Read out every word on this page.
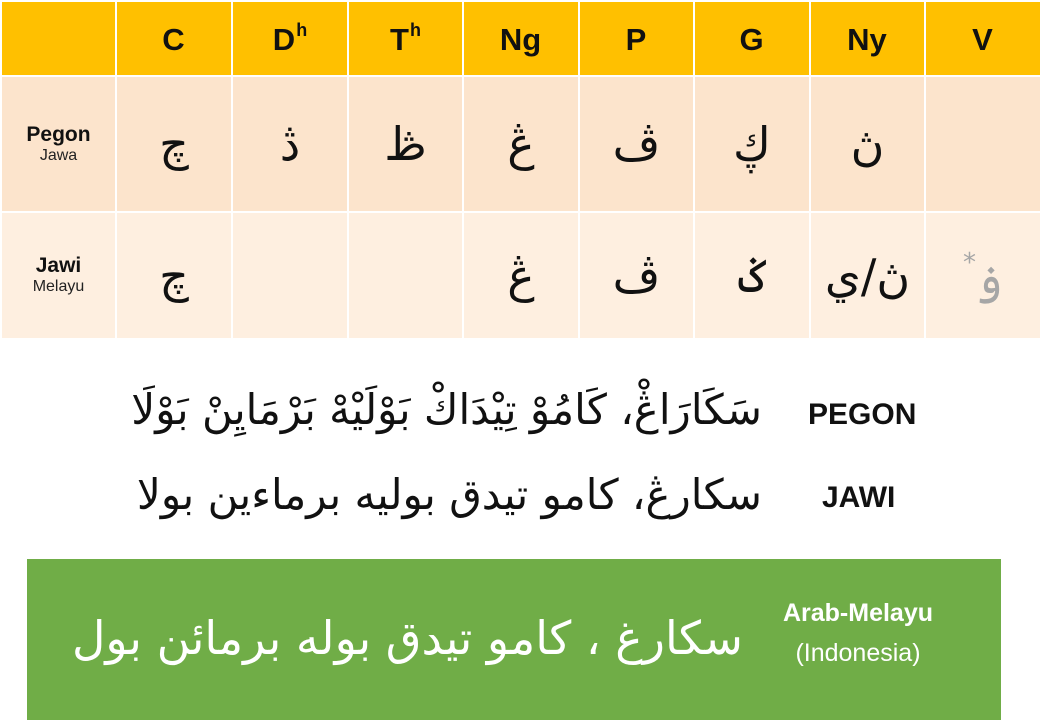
	C	$D^h$	$T^h$	Ng	P	G	Ny	V

Pegon
Jawa	چ	ڎ	ڟ	ڠ	ڤ	ڮ	ڽ	

Jawi
Melayu	چ			ڠ	ڤ	ݢ	ڽ/ي	ۏ*
سَكَارَاڠْ، كَامُوْ تِيْدَاكْ بَوْلَيْهْ بَرْمَايِنْ بَوْلَا PEGON
سكارڠ، كامو تيدق بوليه برماءين بولا JAWI
سكارغ ، كامو تيدق بوله برمائن بول	Arab-Melayu
(Indonesia)
